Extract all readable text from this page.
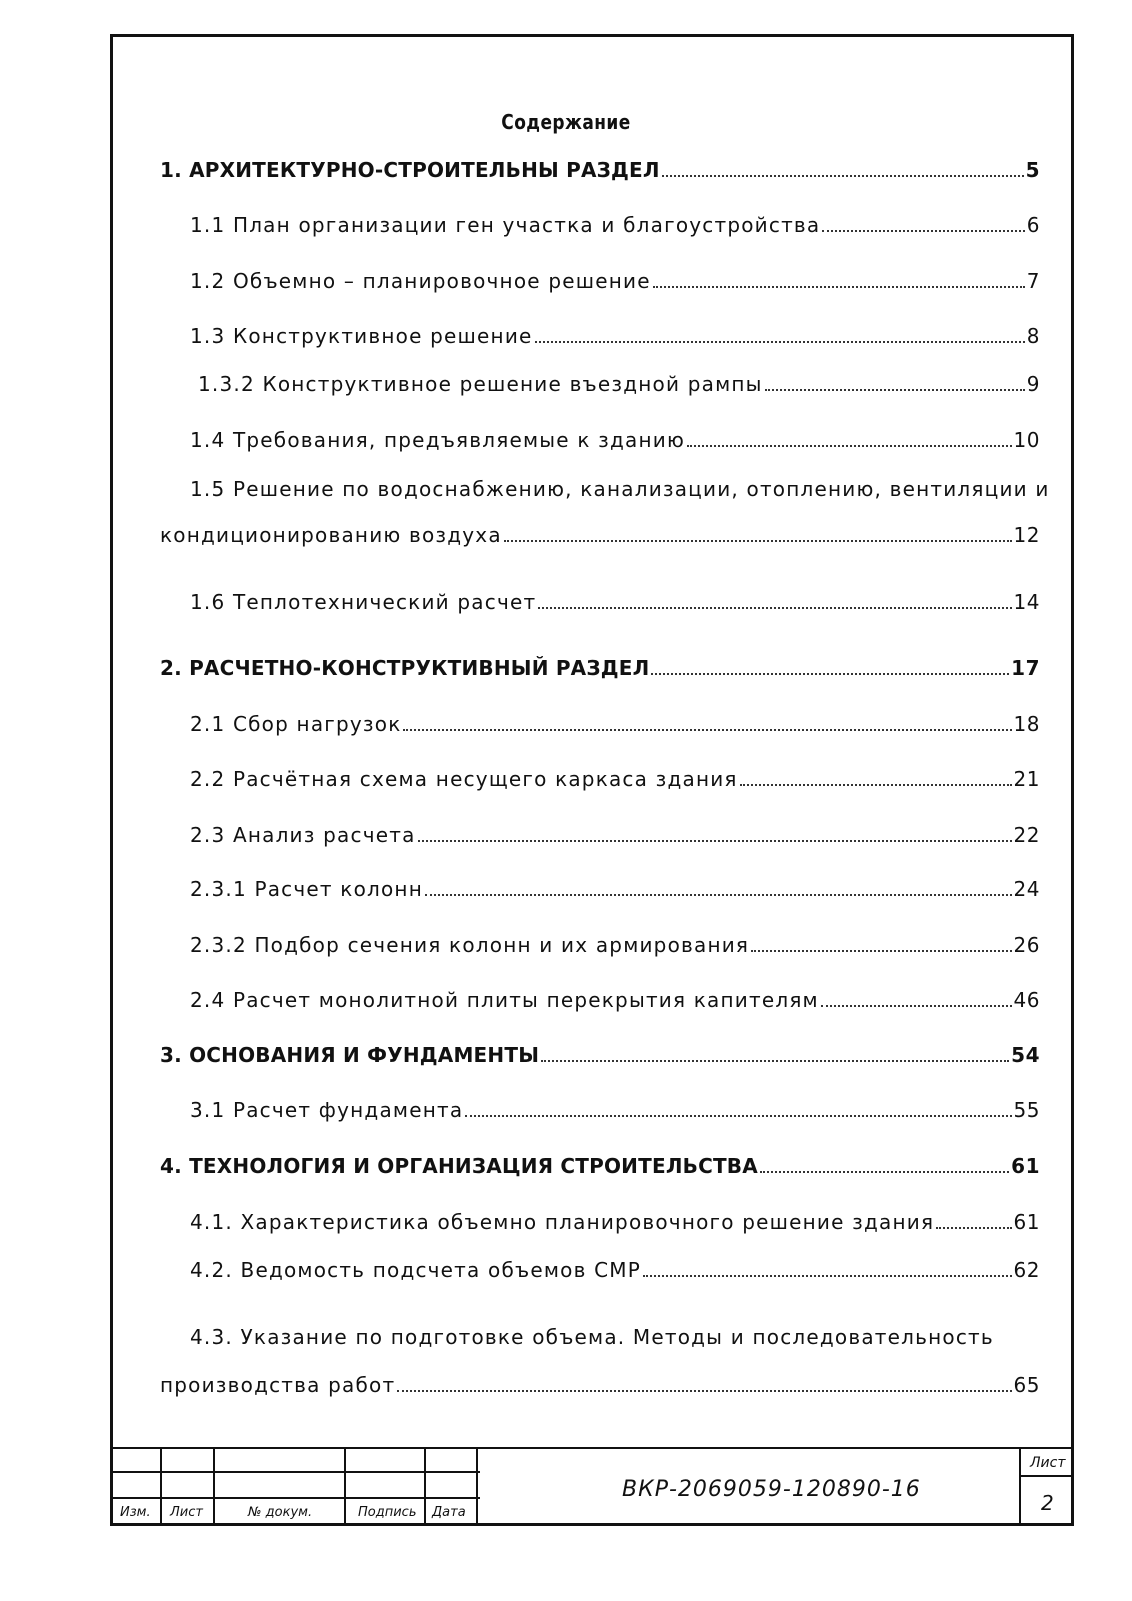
Содержание
1. АРХИТЕКТУРНО-СТРОИТЕЛЬНЫ РАЗДЕЛ	5
1.1 План организации ген участка и благоустройства	6
1.2 Объемно – планировочное решение	7
1.3 Конструктивное решение	8
1.3.2 Конструктивное решение въездной рампы	9
1.4 Требования, предъявляемые к зданию	10
1.5 Решение по водоснабжению, канализации, отоплению, вентиляции и
кондиционированию воздуха	12
1.6 Теплотехнический расчет	14
2. РАСЧЕТНО-КОНСТРУКТИВНЫЙ РАЗДЕЛ	17
2.1 Сбор нагрузок	18
2.2 Расчётная схема несущего каркаса здания	21
2.3 Анализ расчета	22
2.3.1 Расчет колонн	24
2.3.2 Подбор сечения колонн и их армирования	26
2.4 Расчет монолитной плиты перекрытия капителям	46
3. ОСНОВАНИЯ И ФУНДАМЕНТЫ	54
3.1 Расчет фундамента	55
4. ТЕХНОЛОГИЯ И ОРГАНИЗАЦИЯ СТРОИТЕЛЬСТВА	61
4.1. Характеристика объемно планировочного решение здания	61
4.2. Ведомость подсчета объемов СМР	62
4.3. Указание по подготовке объема. Методы и последовательность
производства работ	65
Изм. Лист	№ докум.	Подпись Дата
ВКР-2069059-120890-16
Лист
2
